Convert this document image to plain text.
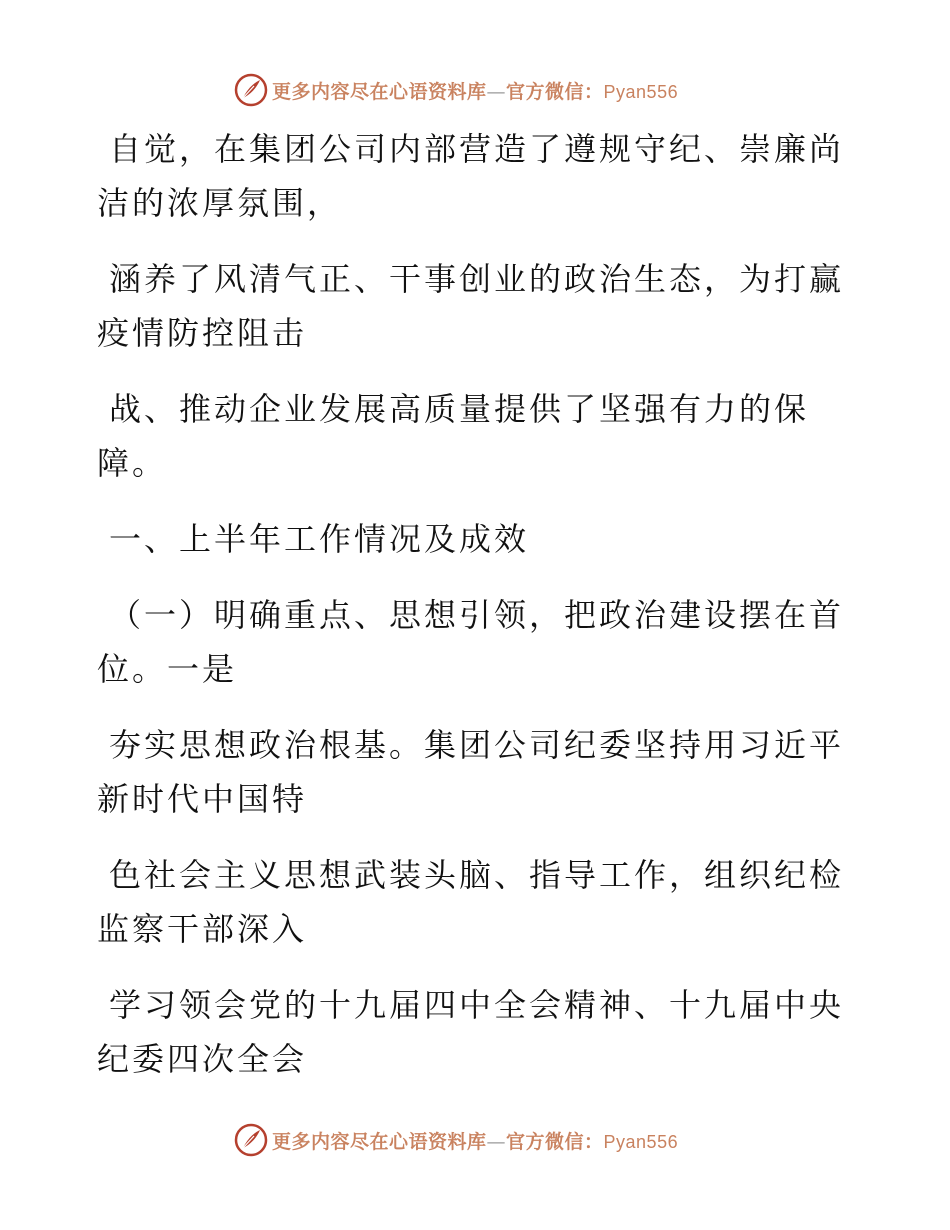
更多内容尽在心语资料库—官方微信：Pyan556

自觉，在集团公司内部营造了遵规守纪、崇廉尚
洁的浓厚氛围，

涵养了风清气正、干事创业的政治生态，为打赢
疫情防控阻击

战、推动企业发展高质量提供了坚强有力的保
障。

一、上半年工作情况及成效

（一）明确重点、思想引领，把政治建设摆在首
位。一是

夯实思想政治根基。集团公司纪委坚持用习近平
新时代中国特

色社会主义思想武装头脑、指导工作，组织纪检
监察干部深入

学习领会党的十九届四中全会精神、十九届中央
纪委四次全会

更多内容尽在心语资料库—官方微信：Pyan556
